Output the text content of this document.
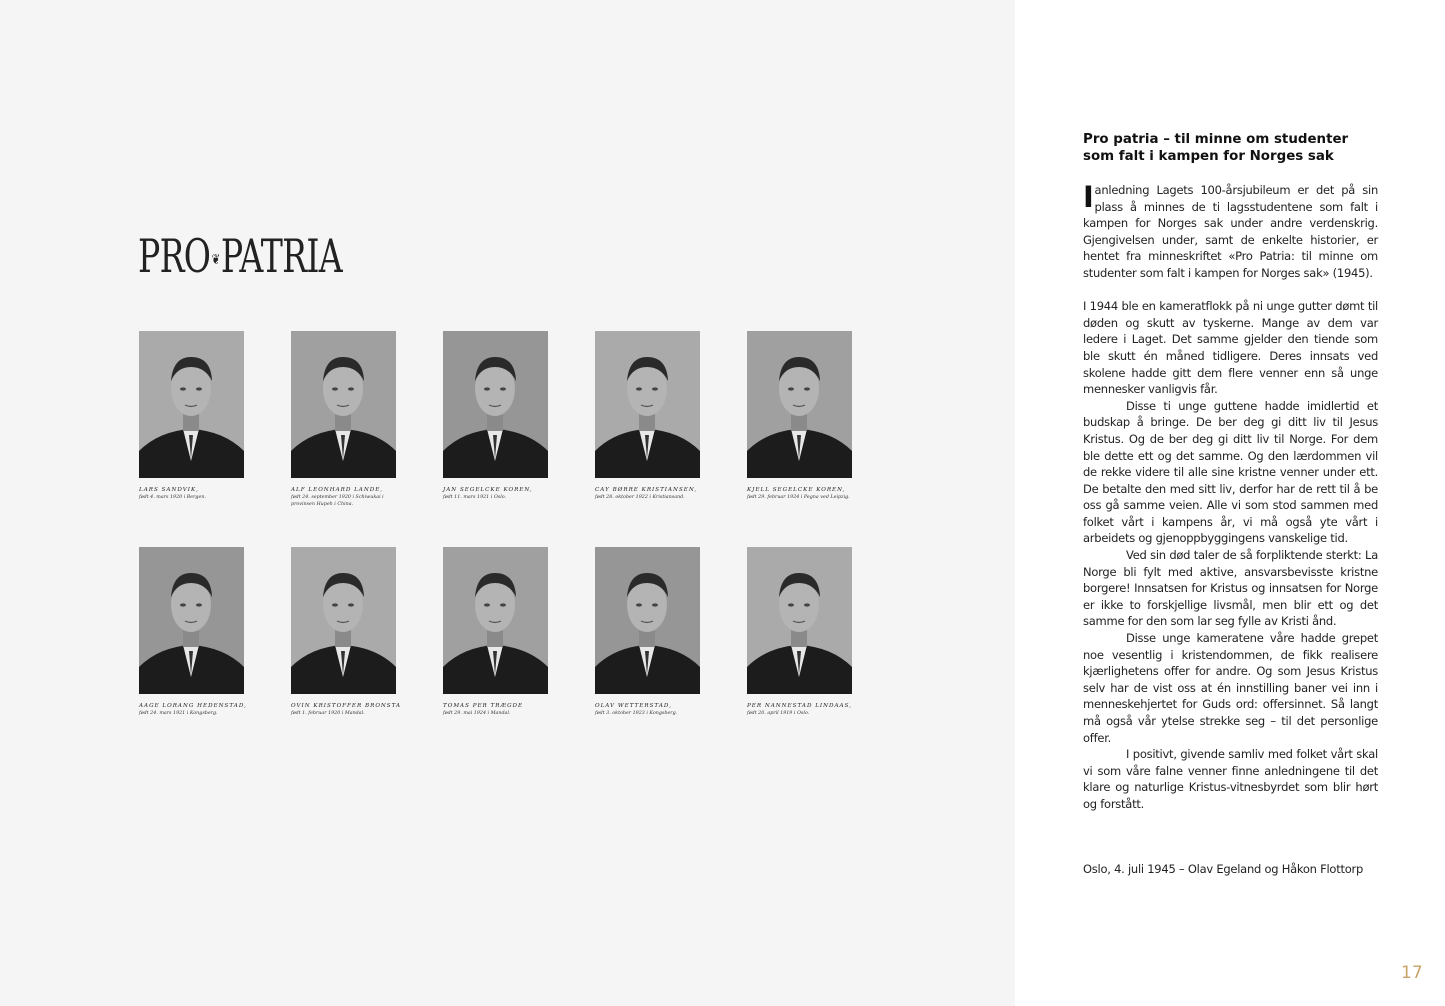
PRO❦PATRIA
LARS SANDVIK,
født 4. mars 1920 i Bergen.
ALF LEONHARD LANDE,
født 24. september 1920 i Schiwukai i provinsen Hupeh i China.
JAN SEGELCKE KOREN,
født 11. mars 1921 i Oslo.
CAY BØRRE KRISTIANSEN,
født 28. oktober 1922 i Kristiansand.
KJELL SEGELCKE KOREN,
født 29. februar 1924 i Pegna ved Leipzig.
AAGE LORANG HEDENSTAD,
født 24. mars 1921 i Kongsberg.
OVIN KRISTOFFER BRONSTA
født 1. februar 1920 i Mandal.
TOMAS PER TRÆGDE
født 29. mai 1924 i Mandal.
OLAV WETTERSTAD,
født 3. oktober 1923 i Kongsberg.
PER NANNESTAD LINDAAS,
født 20. april 1919 i Oslo.
Pro patria – til minne om studenter som falt i kampen for Norges sak

Ianledning Lagets 100-årsjubileum er det på sin plass å minnes de ti lagsstudentene som falt i kampen for Norges sak under andre verdenskrig. Gjengivelsen under, samt de enkelte historier, er hentet fra minneskriftet «Pro Patria: til minne om studenter som falt i kampen for Norges sak» (1945).

I 1944 ble en kameratflokk på ni unge gutter dømt til døden og skutt av tyskerne. Mange av dem var ledere i Laget. Det samme gjelder den tiende som ble skutt én måned tidligere. Deres innsats ved skolene hadde gitt dem flere venner enn så unge mennesker vanligvis får.

Disse ti unge guttene hadde imidlertid et budskap å bringe. De ber deg gi ditt liv til Jesus Kristus. Og de ber deg gi ditt liv til Norge. For dem ble dette ett og det samme. Og den lærdommen vil de rekke videre til alle sine kristne venner under ett. De betalte den med sitt liv, derfor har de rett til å be oss gå samme veien. Alle vi som stod sammen med folket vårt i kampens år, vi må også yte vårt i arbeidets og gjenoppbyggingens vanskelige tid.

Ved sin død taler de så forpliktende sterkt: La Norge bli fylt med aktive, ansvarsbevisste kristne borgere! Innsatsen for Kristus og innsatsen for Norge er ikke to forskjellige livsmål, men blir ett og det samme for den som lar seg fylle av Kristi ånd.

Disse unge kameratene våre hadde grepet noe vesentlig i kristendommen, de fikk realisere kjærlighetens offer for andre. Og som Jesus Kristus selv har de vist oss at én innstilling baner vei inn i menneskehjertet for Guds ord: offersinnet. Så langt må også vår ytelse strekke seg – til det personlige offer.

I positivt, givende samliv med folket vårt skal vi som våre falne venner finne anledningene til det klare og naturlige Kristus-vitnesbyrdet som blir hørt og forstått.

Oslo, 4. juli 1945 – Olav Egeland og Håkon Flottorp
17
